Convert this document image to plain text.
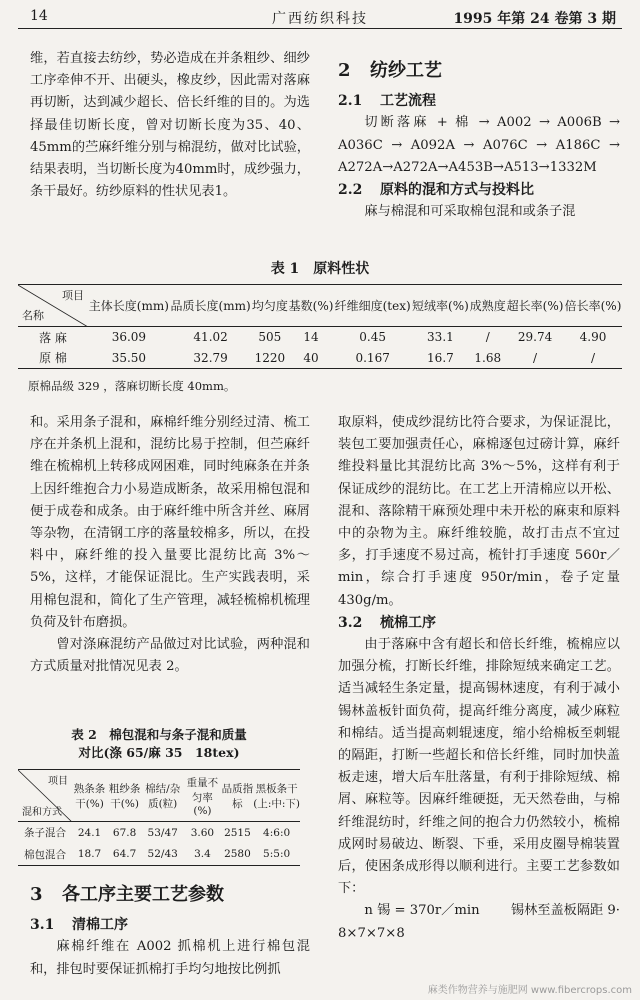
14	广西纺织科技	1995 年第 24 卷第 3 期

维，若直接去纺纱，势必造成在并条粗纱、细纱工序牵伸不开、出硬头，橡皮纱，因此需对落麻再切断，达到减少超长、倍长纤维的目的。为选择最佳切断长度，曾对切断长度为35、40、45mm的苎麻纤维分别与棉混纺，做对比试验，结果表明，当切断长度为40mm时，成纱强力，条干最好。纺纱原料的性状见表1。

2 纺纱工艺

2.1 工艺流程

切断落麻 + 棉 → A002 → A006B → A036C → A092A → A076C → A186C → A272A→A272A→A453B→A513→1332M

2.2 原料的混和方式与投料比

麻与棉混和可采取棉包混和或条子混

表 1　原料性状
项目
名称	主体长度(mm)	品质长度(mm)	均匀度	基数(%)	纤维细度(tex)	短绒率(%)	成熟度	超长率(%)	倍长率(%)
落 麻	36.09	41.02	505	14	0.45	33.1	/	29.74	4.90
原 棉	35.50	32.79	1220	40	0.167	16.7	1.68	/	/
原棉品级 329 ，落麻切断长度 40mm。

和。采用条子混和，麻棉纤维分别经过清、梳工序在并条机上混和，混纺比易于控制，但苎麻纤维在梳棉机上转移成网困难，同时纯麻条在并条上因纤维抱合力小易造成断条，故采用棉包混和便于成卷和成条。由于麻纤维中所含并丝、麻屑等杂物，在清钢工序的落量较棉多，所以，在投料中，麻纤维的投入量要比混纺比高 3%～5%，这样，才能保证混比。生产实践表明，采用棉包混和，简化了生产管理，减轻梳棉机梳理负荷及针布磨损。

曾对涤麻混纺产品做过对比试验，两种混和方式质量对批情况见表 2。

表 2　棉包混和与条子混和质量
对比(涤 65/麻 35　18tex)
项目
混和方式	熟条条干(%)	粗纱条干(%)	棉结/杂质(粒)	重量不匀率(%)	品质指标	黑板条干(上:中:下)
条子混合	24.1	67.8	53/47	3.60	2515	4:6:0
棉包混合	18.7	64.7	52/43	3.4	2580	5:5:0

3 各工序主要工艺参数

3.1 清棉工序

麻棉纤维在 A002 抓棉机上进行棉包混和，排包时要保证抓棉打手均匀地按比例抓

取原料，使成纱混纺比符合要求，为保证混比，装包工要加强责任心，麻棉逐包过磅计算，麻纤维投料量比其混纺比高 3%～5%，这样有利于保证成纱的混纺比。在工艺上开清棉应以开松、混和、落除精干麻预处理中未开松的麻束和原料中的杂物为主。麻纤维较脆，故打击点不宜过多，打手速度不易过高，梳针打手速度 560r／min，综合打手速度 950r/min，卷子定量 430g/m。

3.2 梳棉工序

由于落麻中含有超长和倍长纤维，梳棉应以加强分梳，打断长纤维，排除短绒来确定工艺。适当减轻生条定量，提高锡林速度，有利于减小锡林盖板针面负荷，提高纤维分离度，减少麻粒和棉结。适当提高刺辊速度，缩小给棉板至刺辊的隔距，打断一些超长和倍长纤维，同时加快盖板走速，增大后车肚落量，有利于排除短绒、棉屑、麻粒等。因麻纤维硬挺，无天然卷曲，与棉纤维混纺时，纤维之间的抱合力仍然较小，梳棉成网时易破边、断裂、下垂，采用皮圈导棉装置后，使困条成形得以顺利进行。主要工艺参数如下：

n 锡 = 370r／min 锡林至盖板隔距 9·

8×7×7×8

麻类作物营养与施肥网 www.fibercrops.com
